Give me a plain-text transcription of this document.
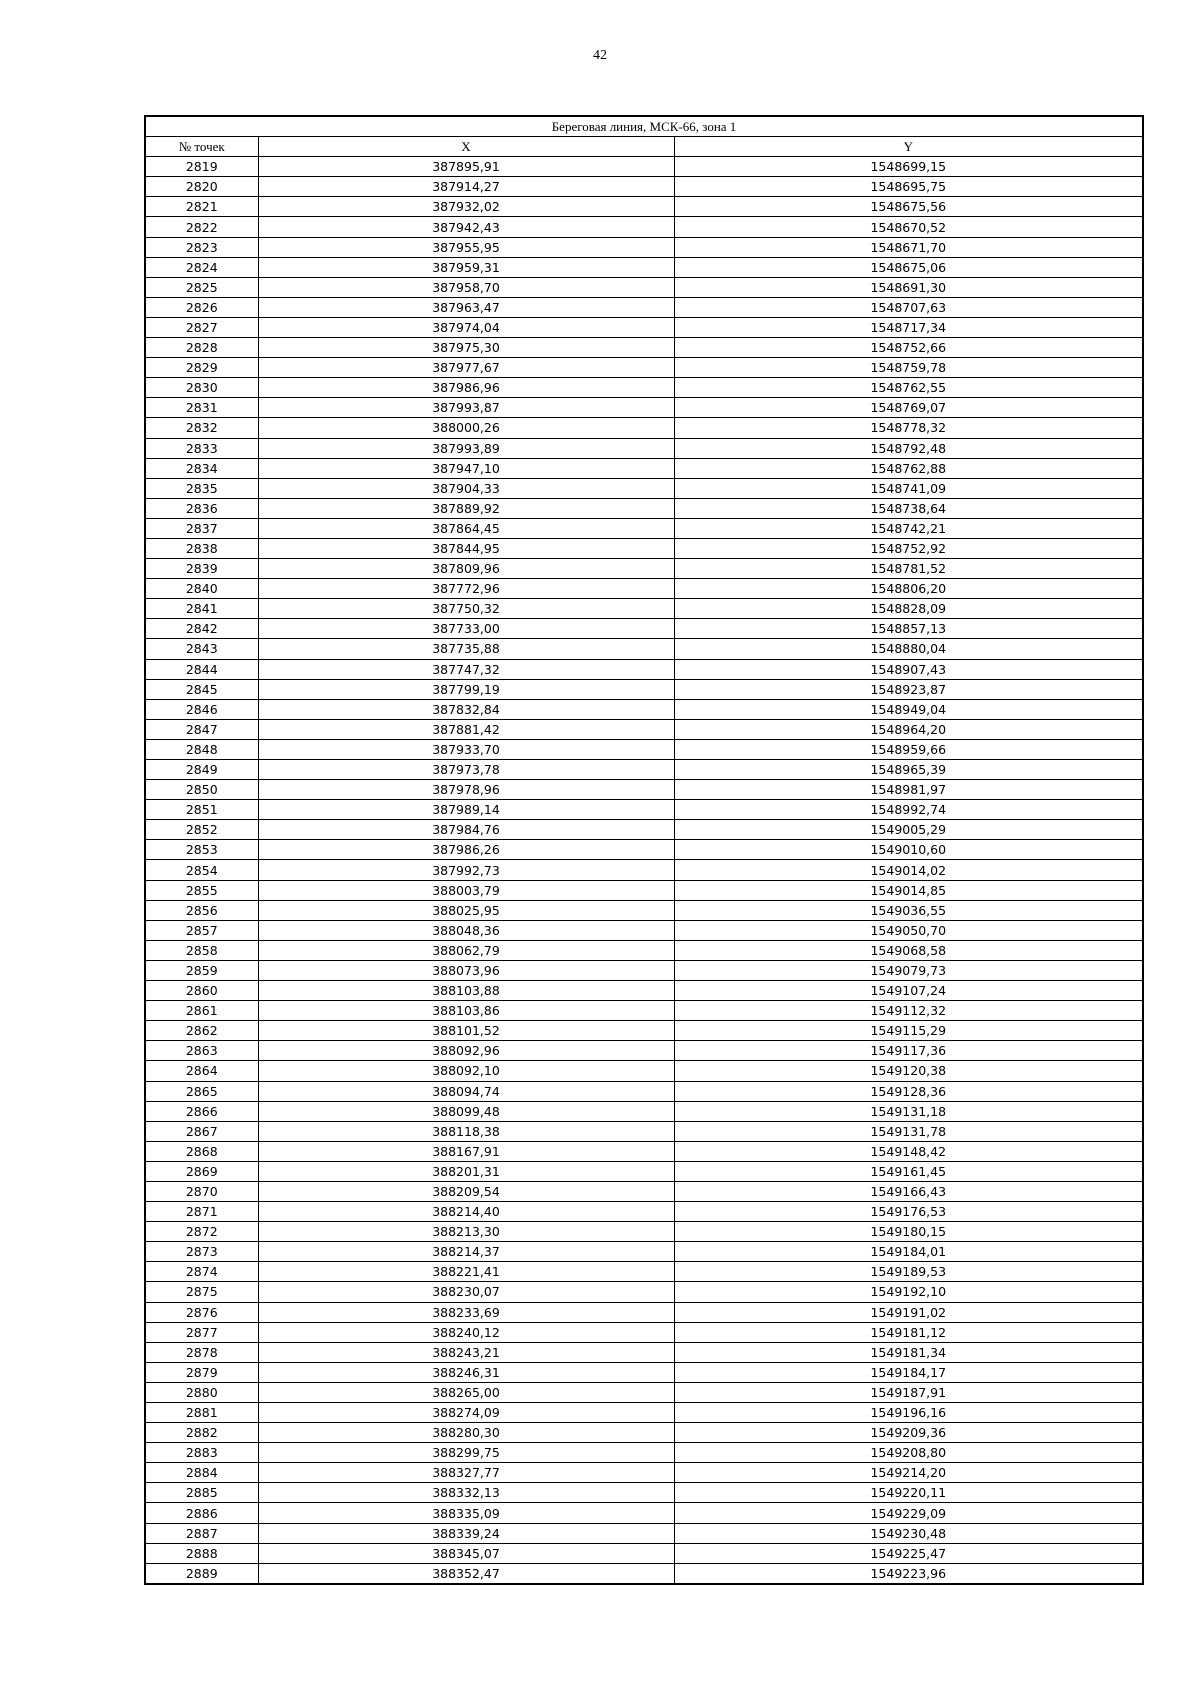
42
Береговая линия, МСК-66, зона 1		
№ точек	X	Y
2819	387895,91	1548699,15
2820	387914,27	1548695,75
2821	387932,02	1548675,56
2822	387942,43	1548670,52
2823	387955,95	1548671,70
2824	387959,31	1548675,06
2825	387958,70	1548691,30
2826	387963,47	1548707,63
2827	387974,04	1548717,34
2828	387975,30	1548752,66
2829	387977,67	1548759,78
2830	387986,96	1548762,55
2831	387993,87	1548769,07
2832	388000,26	1548778,32
2833	387993,89	1548792,48
2834	387947,10	1548762,88
2835	387904,33	1548741,09
2836	387889,92	1548738,64
2837	387864,45	1548742,21
2838	387844,95	1548752,92
2839	387809,96	1548781,52
2840	387772,96	1548806,20
2841	387750,32	1548828,09
2842	387733,00	1548857,13
2843	387735,88	1548880,04
2844	387747,32	1548907,43
2845	387799,19	1548923,87
2846	387832,84	1548949,04
2847	387881,42	1548964,20
2848	387933,70	1548959,66
2849	387973,78	1548965,39
2850	387978,96	1548981,97
2851	387989,14	1548992,74
2852	387984,76	1549005,29
2853	387986,26	1549010,60
2854	387992,73	1549014,02
2855	388003,79	1549014,85
2856	388025,95	1549036,55
2857	388048,36	1549050,70
2858	388062,79	1549068,58
2859	388073,96	1549079,73
2860	388103,88	1549107,24
2861	388103,86	1549112,32
2862	388101,52	1549115,29
2863	388092,96	1549117,36
2864	388092,10	1549120,38
2865	388094,74	1549128,36
2866	388099,48	1549131,18
2867	388118,38	1549131,78
2868	388167,91	1549148,42
2869	388201,31	1549161,45
2870	388209,54	1549166,43
2871	388214,40	1549176,53
2872	388213,30	1549180,15
2873	388214,37	1549184,01
2874	388221,41	1549189,53
2875	388230,07	1549192,10
2876	388233,69	1549191,02
2877	388240,12	1549181,12
2878	388243,21	1549181,34
2879	388246,31	1549184,17
2880	388265,00	1549187,91
2881	388274,09	1549196,16
2882	388280,30	1549209,36
2883	388299,75	1549208,80
2884	388327,77	1549214,20
2885	388332,13	1549220,11
2886	388335,09	1549229,09
2887	388339,24	1549230,48
2888	388345,07	1549225,47
2889	388352,47	1549223,96
